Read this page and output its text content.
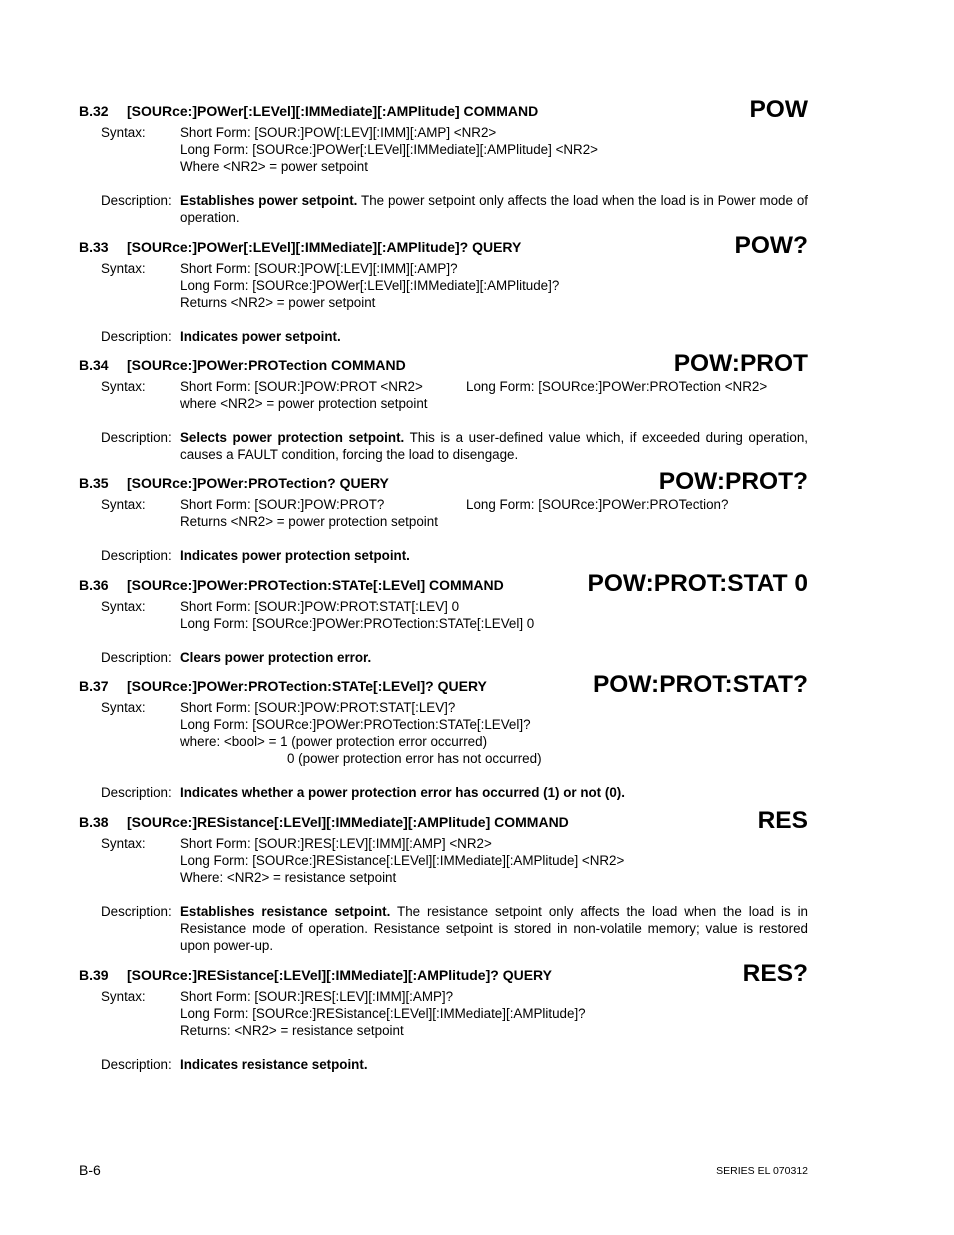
B.32 [SOURce:]POWer[:LEVel][:IMMediate][:AMPlitude] COMMAND	POW
Syntax:	Short Form: [SOUR:]POW[:LEV][:IMM][:AMP] <NR2>
Long Form: [SOURce:]POWer[:LEVel][:IMMediate][:AMPlitude] <NR2>
Where <NR2> = power setpoint
Description: Establishes power setpoint. The power setpoint only affects the load when the load is in Power mode of operation.
B.33 [SOURce:]POWer[:LEVel][:IMMediate][:AMPlitude]? QUERY	POW?
Syntax:	Short Form: [SOUR:]POW[:LEV][:IMM][:AMP]?
Long Form: [SOURce:]POWer[:LEVel][:IMMediate][:AMPlitude]?
Returns <NR2> = power setpoint
Description: Indicates power setpoint.
B.34 [SOURce:]POWer:PROTection COMMAND	POW:PROT
Syntax:	Short Form: [SOUR:]POW:PROT <NR2>	Long Form: [SOURce:]POWer:PROTection <NR2>
where <NR2> = power protection setpoint
Description: Selects power protection setpoint. This is a user-defined value which, if exceeded during operation, causes a FAULT condition, forcing the load to disengage.
B.35 [SOURce:]POWer:PROTection? QUERY	POW:PROT?
Syntax:	Short Form: [SOUR:]POW:PROT?	Long Form: [SOURce:]POWer:PROTection?
Returns <NR2> = power protection setpoint
Description: Indicates power protection setpoint.
B.36 [SOURce:]POWer:PROTection:STATe[:LEVel] COMMAND	POW:PROT:STAT 0
Syntax:	Short Form: [SOUR:]POW:PROT:STAT[:LEV] 0
Long Form: [SOURce:]POWer:PROTection:STATe[:LEVel] 0
Description: Clears power protection error.
B.37 [SOURce:]POWer:PROTection:STATe[:LEVel]? QUERY	POW:PROT:STAT?
Syntax:	Short Form: [SOUR:]POW:PROT:STAT[:LEV]?
Long Form: [SOURce:]POWer:PROTection:STATe[:LEVel]?
where: <bool> = 1 (power protection error occurred)
0 (power protection error has not occurred)
Description: Indicates whether a power protection error has occurred (1) or not (0).
B.38 [SOURce:]RESistance[:LEVel][:IMMediate][:AMPlitude] COMMAND	RES
Syntax:	Short Form: [SOUR:]RES[:LEV][:IMM][:AMP] <NR2>
Long Form: [SOURce:]RESistance[:LEVel][:IMMediate][:AMPlitude] <NR2>
Where: <NR2> = resistance setpoint
Description: Establishes resistance setpoint. The resistance setpoint only affects the load when the load is in Resistance mode of operation. Resistance setpoint is stored in non-volatile memory; value is restored upon power-up.
B.39 [SOURce:]RESistance[:LEVel][:IMMediate][:AMPlitude]? QUERY	RES?
Syntax:	Short Form: [SOUR:]RES[:LEV][:IMM][:AMP]?
Long Form: [SOURce:]RESistance[:LEVel][:IMMediate][:AMPlitude]?
Returns: <NR2> = resistance setpoint
Description: Indicates resistance setpoint.
B-6	SERIES EL 070312
